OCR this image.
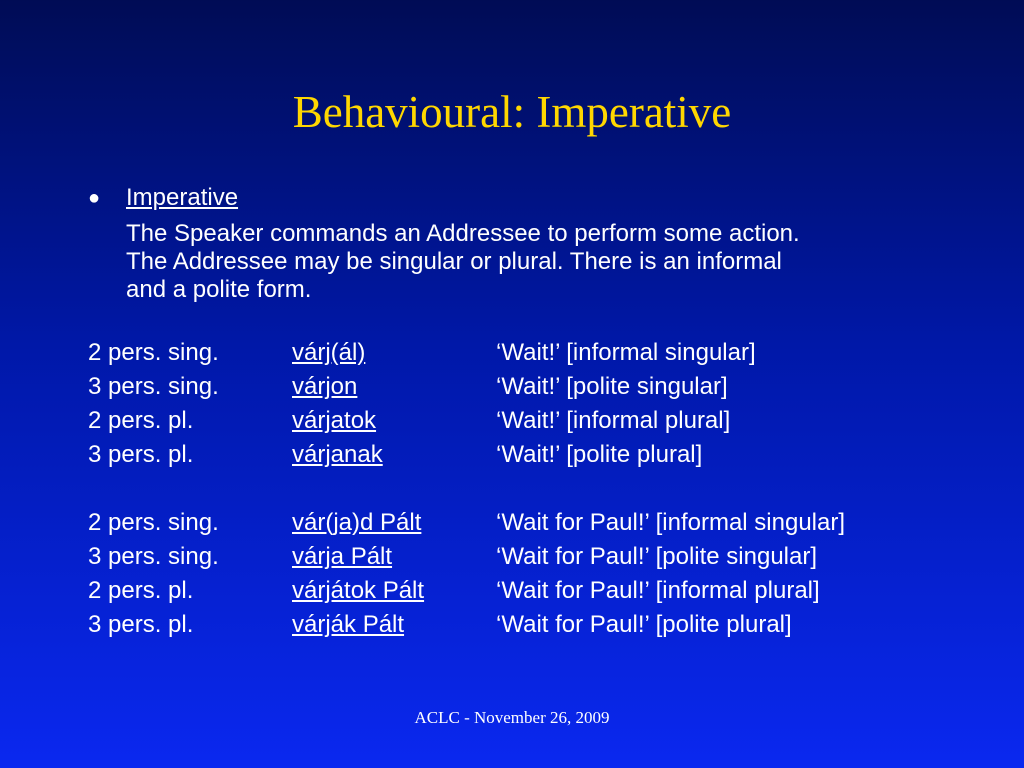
Behavioural: Imperative
● Imperative
The Speaker commands an Addressee to perform some action.
The Addressee may be singular or plural. There is an informal
and a polite form.
2 pers. sing.	várj(ál)	‘Wait!’ [informal singular]
3 pers. sing.	várjon	‘Wait!’ [polite singular]
2 pers. pl.	várjatok	‘Wait!’ [informal plural]
3 pers. pl.	várjanak	‘Wait!’ [polite plural]
2 pers. sing.	vár(ja)d Pált	‘Wait for Paul!’ [informal singular]
3 pers. sing.	várja Pált	‘Wait for Paul!’ [polite singular]
2 pers. pl.	várjátok Pált	‘Wait for Paul!’ [informal plural]
3 pers. pl.	várják Pált	‘Wait for Paul!’ [polite plural]
ACLC - November 26, 2009
